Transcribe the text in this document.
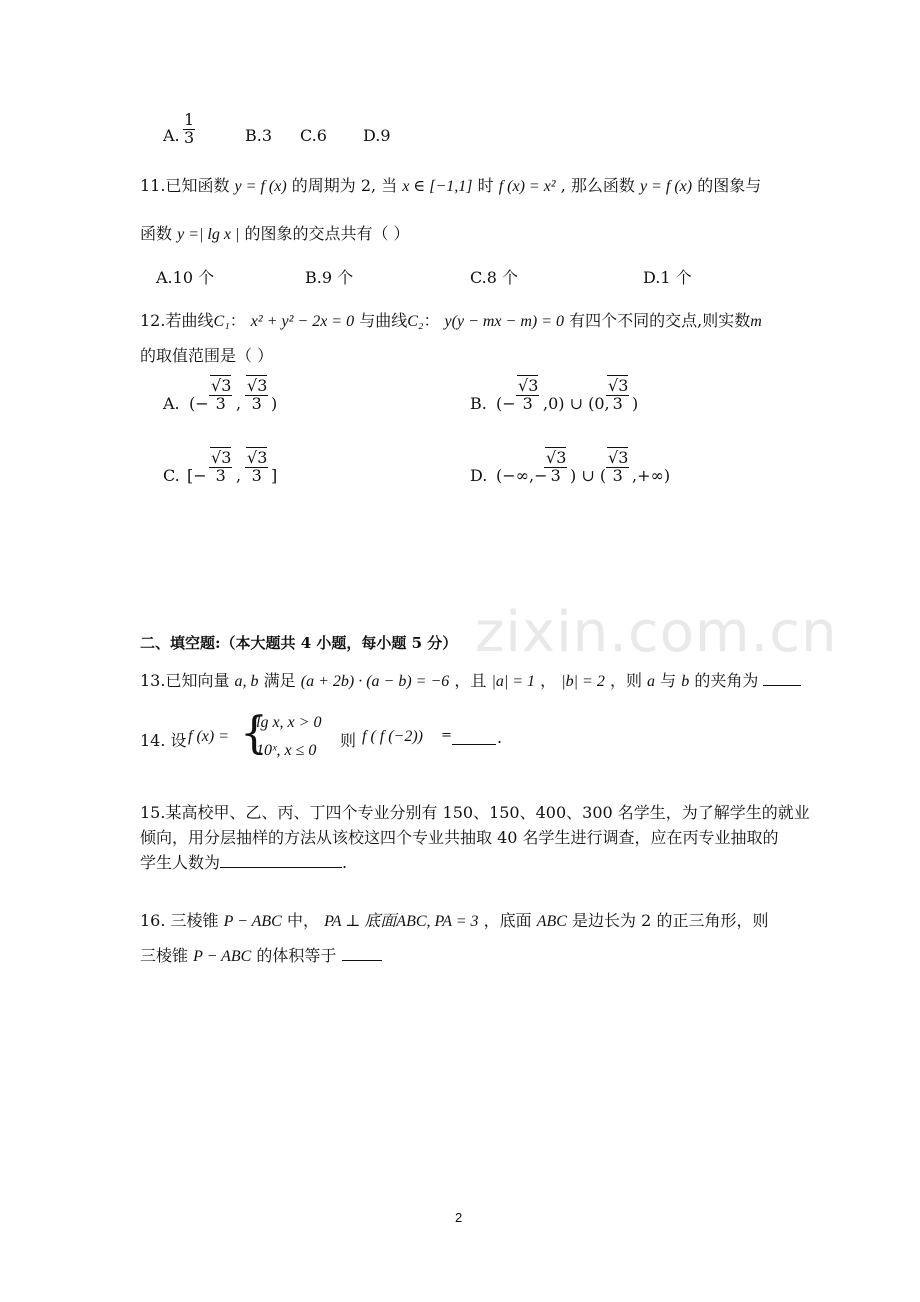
zixin.com.cn
A. $\frac{1}{3}$	B.3 C.6 D.9
11.已知函数 y = f (x) 的周期为 2, 当 x ∈ [−1,1] 时 f (x) = x² , 那么函数 y = f (x) 的图象与
函数 y =| lg x | 的图象的交点共有（ ）
A.10 个	B.9 个	C.8 个	D.1 个
12.若曲线C₁： x² + y² − 2x = 0 与曲线C₂： y(y − mx − m) = 0 有四个不同的交点,则实数m
的取值范围是（ ）
A. (− $\frac{√3}{3}$ , $\frac{√3}{3}$ )	B. (− $\frac{√3}{3} ,0$) ∪ (0,
$\frac{√3}{3}$ )
C. [− $\frac{√3}{3}$ , $\frac{√3}{3}$ ]	D. (−∞,−
$\frac{√3}{3}$ ) ∪ ( $\frac{√3}{3}$ ,+∞)
二、填空题:（本大题共 4 小题，每小题 5 分）
13.已知向量 a, b 满足 (a + 2b) · (a − b) = −6 ，且 |a| = 1 ， |b| = 2 ，则 a 与 b 的夹角为
14. 设 f (x) = {
lg x, x > 0
10ˣ, x ≤ 0
则 f ( f (−2)) =	.
15.某高校甲、乙、丙、丁四个专业分别有 150、150、400、300 名学生，为了解学生的就业
倾向，用分层抽样的方法从该校这四个专业共抽取 40 名学生进行调查，应在丙专业抽取的
学生人数为	.
16. 三棱锥 P − ABC 中， PA ⊥ 底面ABC, PA = 3 ，底面 ABC 是边长为 2 的正三角形，则
三棱锥 P − ABC 的体积等于
2
